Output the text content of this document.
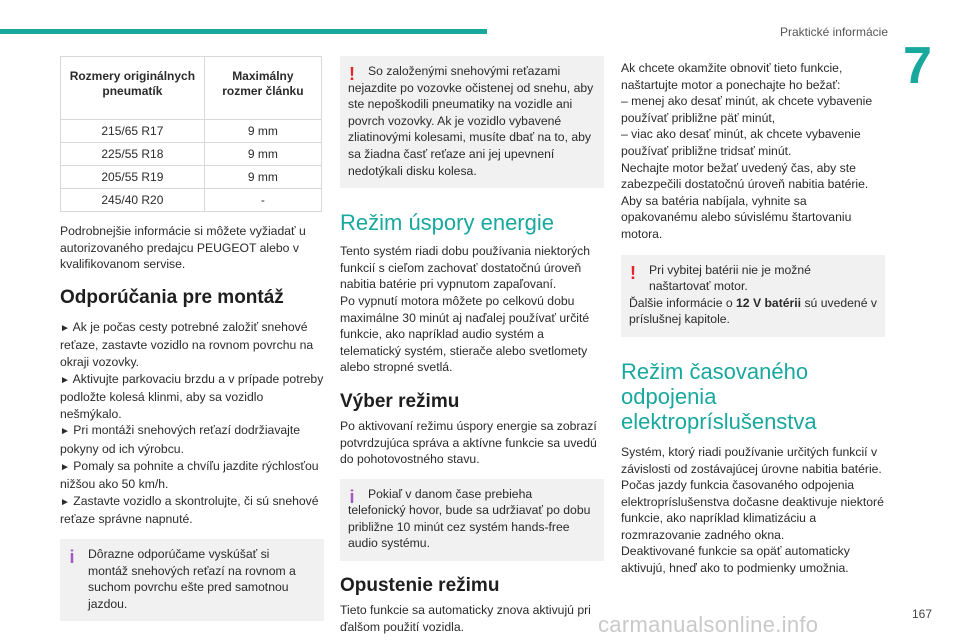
Praktické informácie
7
Rozmery originálnych pneumatík	Maximálny rozmer článku
215/65 R17	9 mm
225/55 R18	9 mm
205/55 R19	9 mm
245/40 R20	-

Podrobnejšie informácie si môžete vyžiadať u autorizovaného predajcu PEUGEOT alebo v kvalifikovanom servise.

Odporúčania pre montáž
► Ak je počas cesty potrebné založiť snehové reťaze, zastavte vozidlo na rovnom povrchu na okraji vozovky.
► Aktivujte parkovaciu brzdu a v prípade potreby podložte kolesá klinmi, aby sa vozidlo nešmýkalo.
► Pri montáži snehových reťazí dodržiavajte pokyny od ich výrobcu.
► Pomaly sa pohnite a chvíľu jazdite rýchlosťou nižšou ako 50 km/h.
► Zastavte vozidlo a skontrolujte, či sú snehové reťaze správne napnuté.
i	Dôrazne odporúčame vyskúšať si
montáž snehových reťazí na rovnom a suchom povrchu ešte pred samotnou jazdou.
!	So založenými snehovými reťazami
nejazdite po vozovke očistenej od snehu, aby ste nepoškodili pneumatiky na vozidle ani povrch vozovky. Ak je vozidlo vybavené zliatinovými kolesami, musíte dbať na to, aby sa žiadna časť reťaze ani jej upevnení nedotýkali disku kolesa.
Režim úspory energie

Tento systém riadi dobu používania niektorých funkcií s cieľom zachovať dostatočnú úroveň nabitia batérie pri vypnutom zapaľovaní.

Po vypnutí motora môžete po celkovú dobu maximálne 30 minút aj naďalej používať určité funkcie, ako napríklad audio systém a telematický systém, stierače alebo svetlomety alebo stropné svetlá.

Výber režimu

Po aktivovaní režimu úspory energie sa zobrazí potvrdzujúca správa a aktívne funkcie sa uvedú do pohotovostného stavu.

i	Pokiaľ v danom čase prebieha
telefonický hovor, bude sa udržiavať po dobu približne 10 minút cez systém hands-free audio systému.
Opustenie režimu

Tieto funkcie sa automaticky znova aktivujú pri ďalšom použití vozidla.

Ak chcete okamžite obnoviť tieto funkcie, naštartujte motor a ponechajte ho bežať:

– menej ako desať minút, ak chcete vybavenie používať približne päť minút,

– viac ako desať minút, ak chcete vybavenie používať približne tridsať minút.

Nechajte motor bežať uvedený čas, aby ste zabezpečili dostatočnú úroveň nabitia batérie. Aby sa batéria nabíjala, vyhnite sa opakovanému alebo súvislému štartovaniu motora.

!	Pri vybitej batérii nie je možné
naštartovať motor.
Ďalšie informácie o 12 V batérii sú uvedené v príslušnej kapitole.
Režim časovaného odpojenia elektropríslušenstva

Systém, ktorý riadi používanie určitých funkcií v závislosti od zostávajúcej úrovne nabitia batérie.

Počas jazdy funkcia časovaného odpojenia elektropríslušenstva dočasne deaktivuje niektoré funkcie, ako napríklad klimatizáciu a rozmrazovanie zadného okna.

Deaktivované funkcie sa opäť automaticky aktivujú, hneď ako to podmienky umožnia.

carmanualsonline.info	167
